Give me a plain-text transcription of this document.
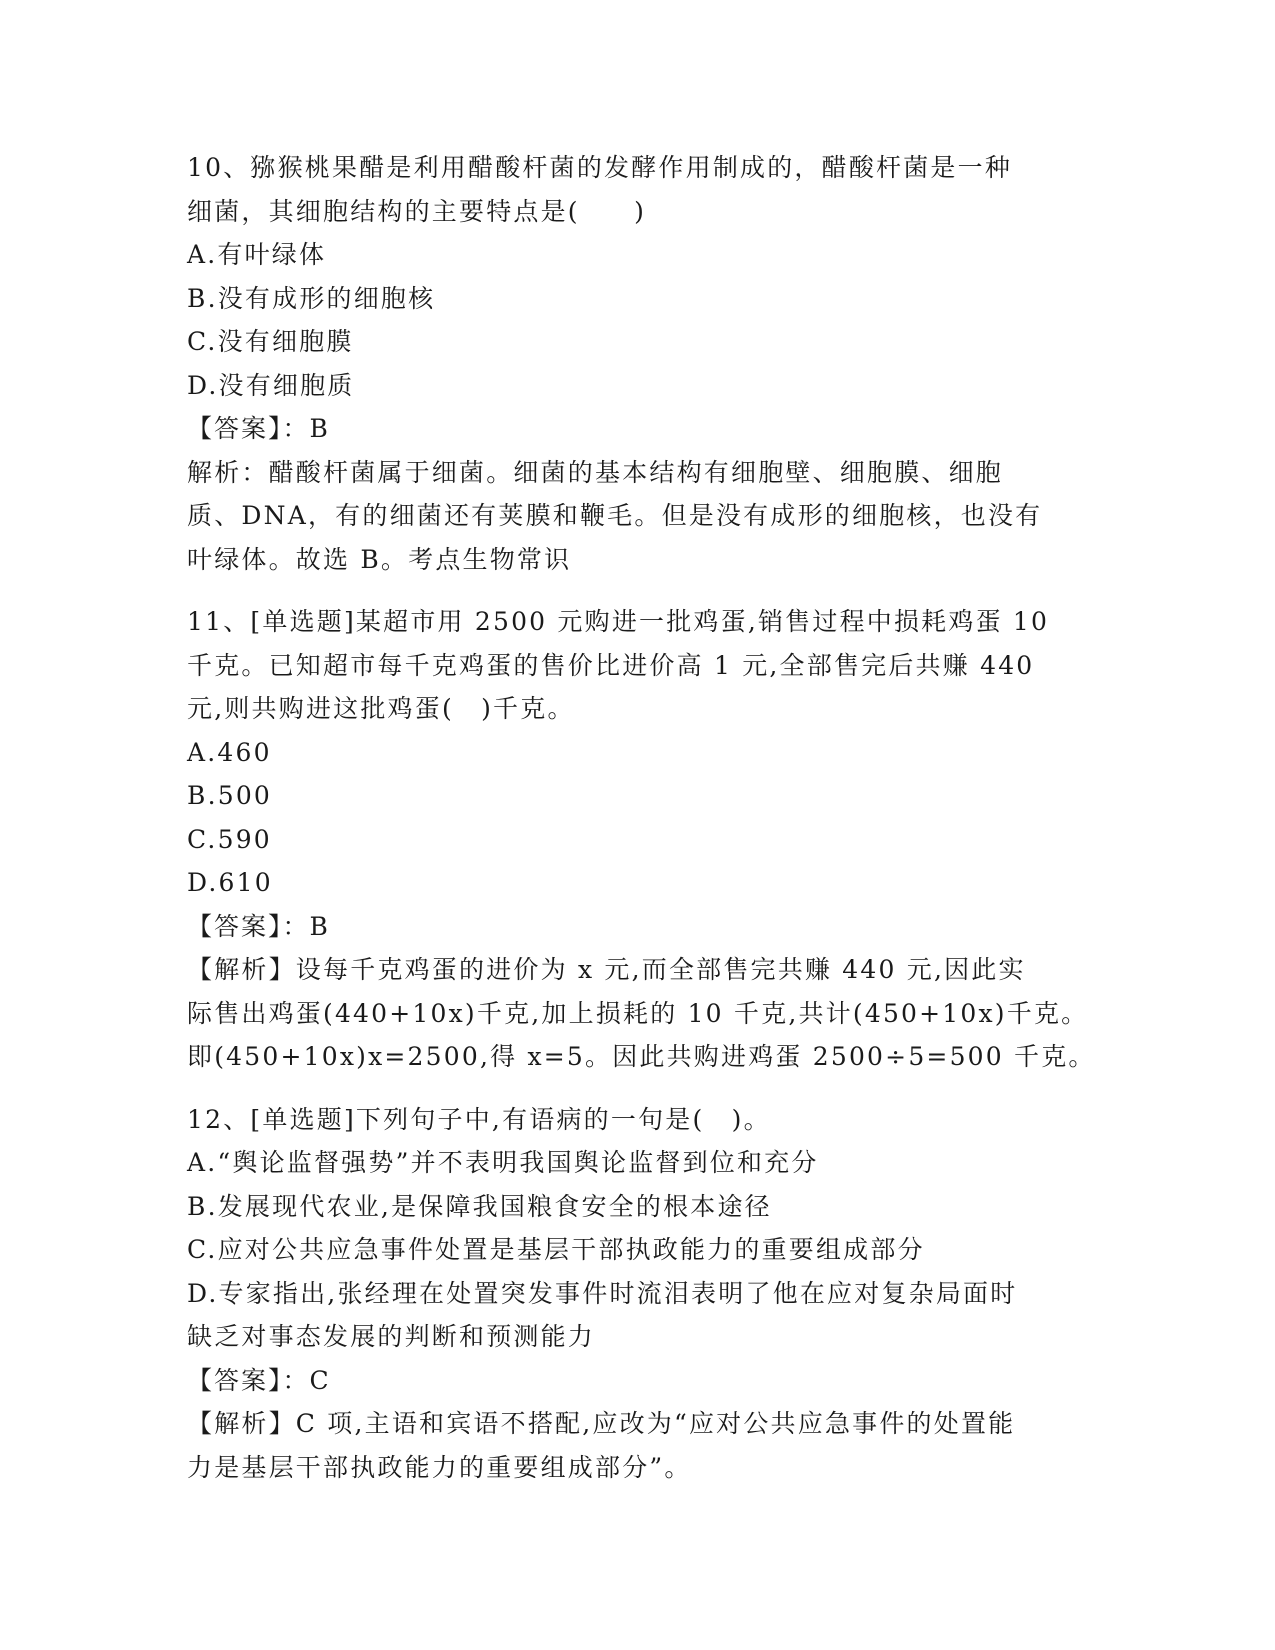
10、猕猴桃果醋是利用醋酸杆菌的发酵作用制成的，醋酸杆菌是一种
细菌，其细胞结构的主要特点是(　　)
A.有叶绿体
B.没有成形的细胞核
C.没有细胞膜
D.没有细胞质
【答案】：B
解析：醋酸杆菌属于细菌。细菌的基本结构有细胞壁、细胞膜、细胞
质、DNA，有的细菌还有荚膜和鞭毛。但是没有成形的细胞核，也没有
叶绿体。故选 B。考点生物常识
11、[单选题]某超市用 2500 元购进一批鸡蛋,销售过程中损耗鸡蛋 10
千克。已知超市每千克鸡蛋的售价比进价高 1 元,全部售完后共赚 440
元,则共购进这批鸡蛋(　)千克。
A.460
B.500
C.590
D.610
【答案】：B
【解析】设每千克鸡蛋的进价为 x 元,而全部售完共赚 440 元,因此实
际售出鸡蛋(440+10x)千克,加上损耗的 10 千克,共计(450+10x)千克。
即(450+10x)x=2500,得 x=5。因此共购进鸡蛋 2500÷5=500 千克。
12、[单选题]下列句子中,有语病的一句是(　)。
A.“舆论监督强势”并不表明我国舆论监督到位和充分
B.发展现代农业,是保障我国粮食安全的根本途径
C.应对公共应急事件处置是基层干部执政能力的重要组成部分
D.专家指出,张经理在处置突发事件时流泪表明了他在应对复杂局面时
缺乏对事态发展的判断和预测能力
【答案】：C
【解析】C 项,主语和宾语不搭配,应改为“应对公共应急事件的处置能
力是基层干部执政能力的重要组成部分”。
